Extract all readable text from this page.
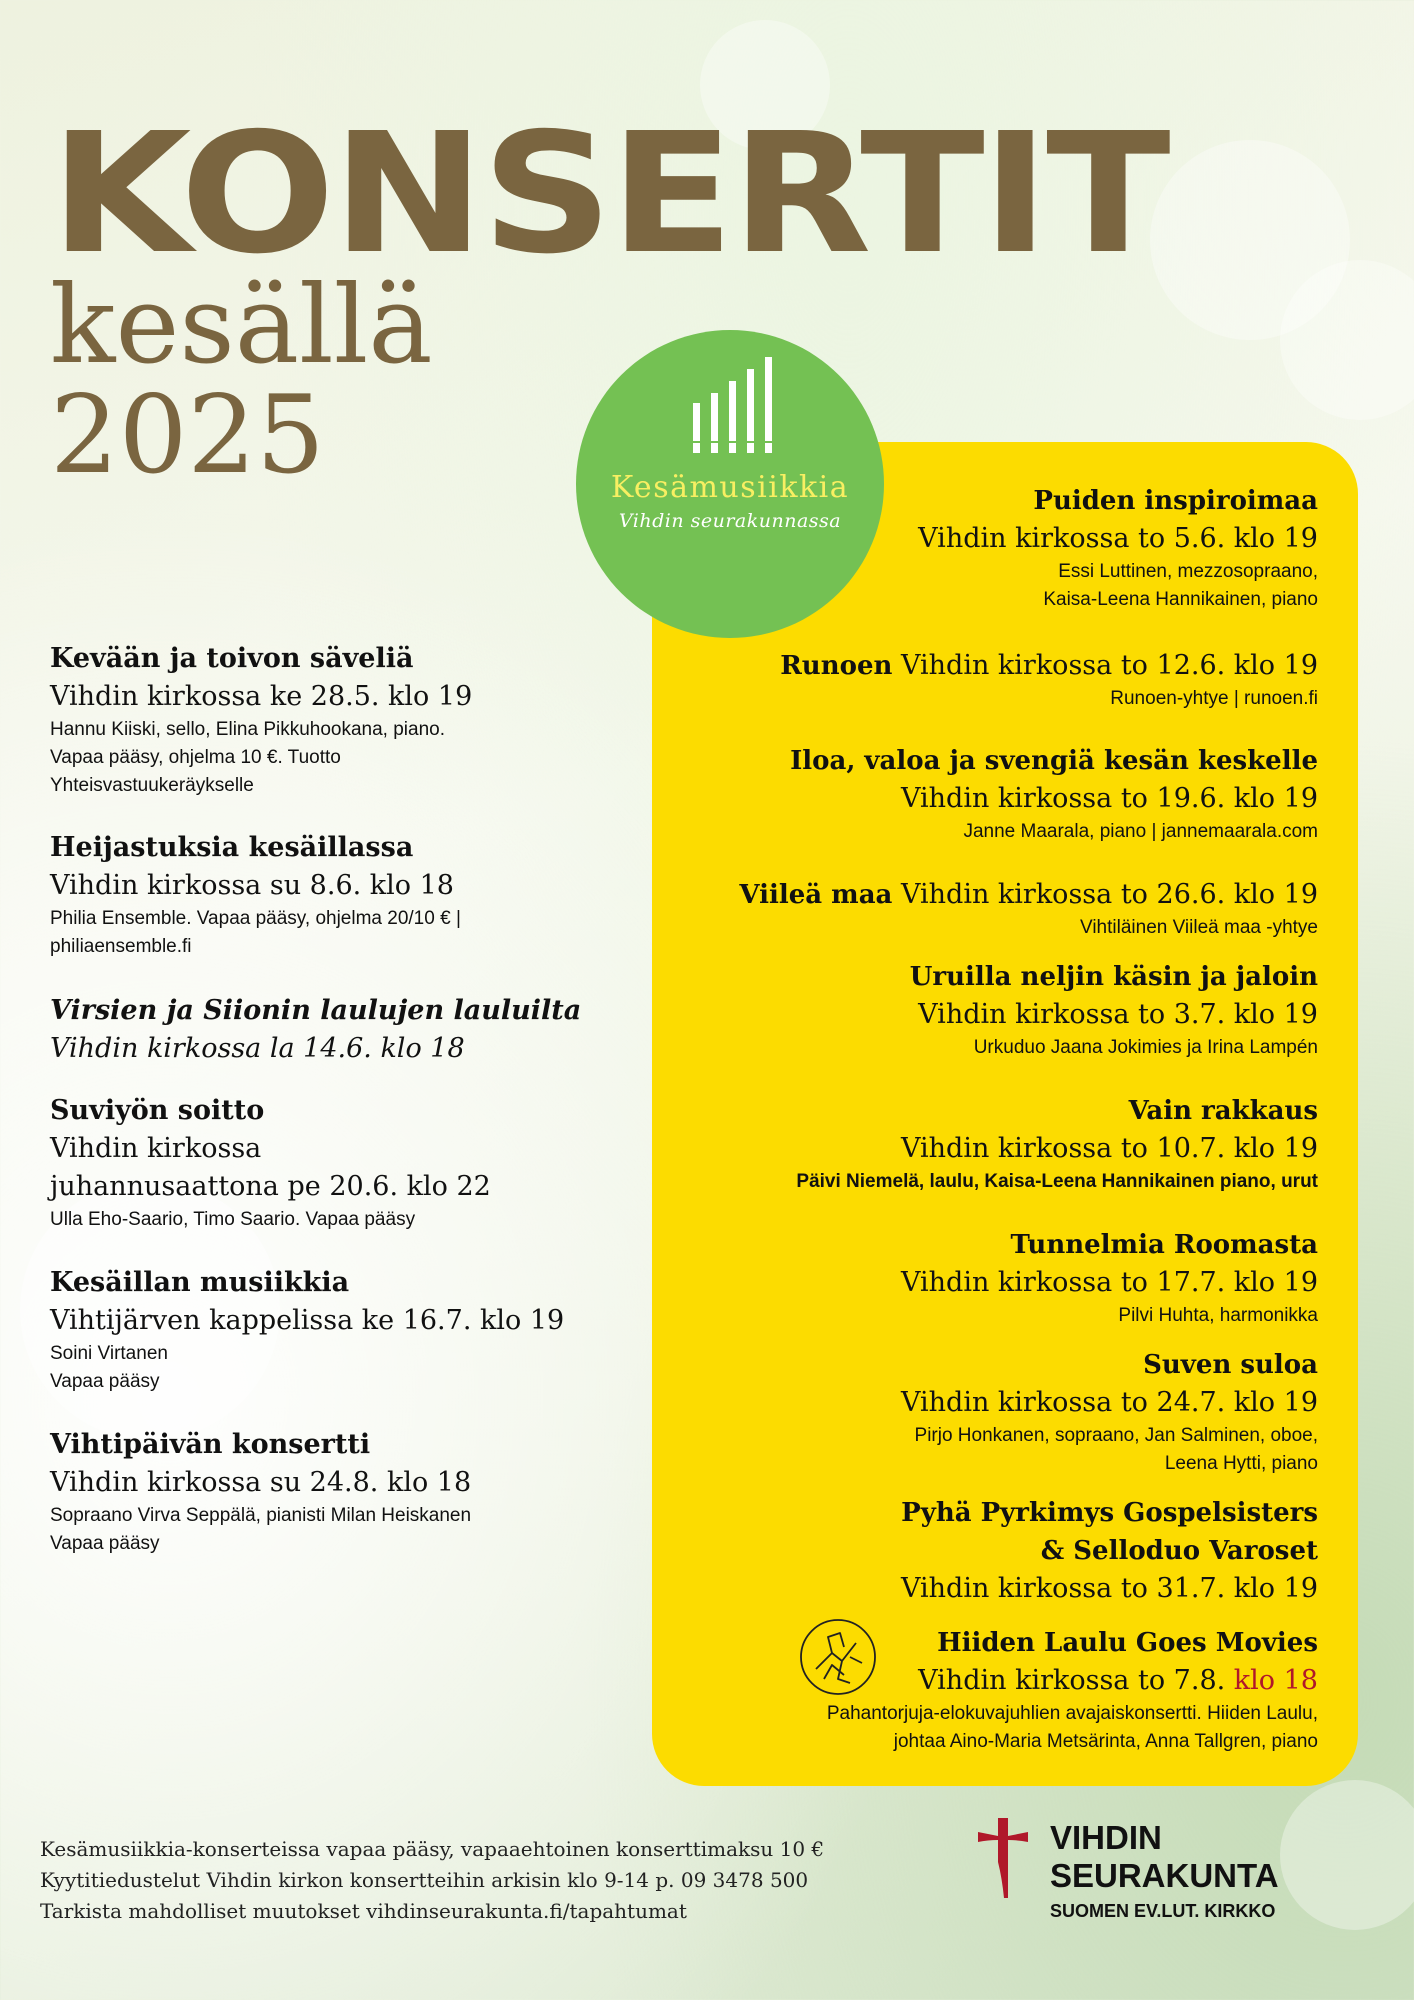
KONSERTIT
kesällä
2025	Kesämusiikkia
Vihdin seurakunnassa
Puiden inspiroimaa
Vihdin kirkossa to 5.6. klo 19
Essi Luttinen, mezzosopraano,
Kaisa-Leena Hannikainen, piano
Runoen Vihdin kirkossa to 12.6. klo 19
Runoen-yhtye | runoen.fi
Iloa, valoa ja svengiä kesän keskelle
Vihdin kirkossa to 19.6. klo 19
Janne Maarala, piano | jannemaarala.com
Viileä maa Vihdin kirkossa to 26.6. klo 19
Vihtiläinen Viileä maa -yhtye
Uruilla neljin käsin ja jaloin
Vihdin kirkossa to 3.7. klo 19
Urkuduo Jaana Jokimies ja Irina Lampén
Vain rakkaus
Vihdin kirkossa to 10.7. klo 19
Päivi Niemelä, laulu, Kaisa-Leena Hannikainen piano, urut
Tunnelmia Roomasta
Vihdin kirkossa to 17.7. klo 19
Pilvi Huhta, harmonikka
Suven suloa
Vihdin kirkossa to 24.7. klo 19
Pirjo Honkanen, sopraano, Jan Salminen, oboe,
Leena Hytti, piano
Pyhä Pyrkimys Gospelsisters
& Selloduo Varoset
Vihdin kirkossa to 31.7. klo 19
Hiiden Laulu Goes Movies
Vihdin kirkossa to 7.8. klo 18
Pahantorjuja-elokuvajuhlien avajaiskonsertti. Hiiden Laulu,
johtaa Aino-Maria Metsärinta, Anna Tallgren, piano
Kevään ja toivon säveliä
Vihdin kirkossa ke 28.5. klo 19
Hannu Kiiski, sello, Elina Pikkuhookana, piano.
Vapaa pääsy, ohjelma 10 €. Tuotto
Yhteisvastuukeräykselle
Heijastuksia kesäillassa
Vihdin kirkossa su 8.6. klo 18
Philia Ensemble. Vapaa pääsy, ohjelma 20/10 € |
philiaensemble.fi
Virsien ja Siionin laulujen lauluilta
Vihdin kirkossa la 14.6. klo 18
Suviyön soitto
Vihdin kirkossa
juhannusaattona pe 20.6. klo 22
Ulla Eho-Saario, Timo Saario. Vapaa pääsy
Kesäillan musiikkia
Vihtijärven kappelissa ke 16.7. klo 19
Soini Virtanen
Vapaa pääsy
Vihtipäivän konsertti
Vihdin kirkossa su 24.8. klo 18
Sopraano Virva Seppälä, pianisti Milan Heiskanen
Vapaa pääsy
Kesämusiikkia-konserteissa vapaa pääsy, vapaaehtoinen konserttimaksu 10 €
Kyytitiedustelut Vihdin kirkon konsertteihin arkisin klo 9-14 p. 09 3478 500
Tarkista mahdolliset muutokset vihdinseurakunta.fi/tapahtumat
VIHDIN
SEURAKUNTA
SUOMEN EV.LUT. KIRKKO
